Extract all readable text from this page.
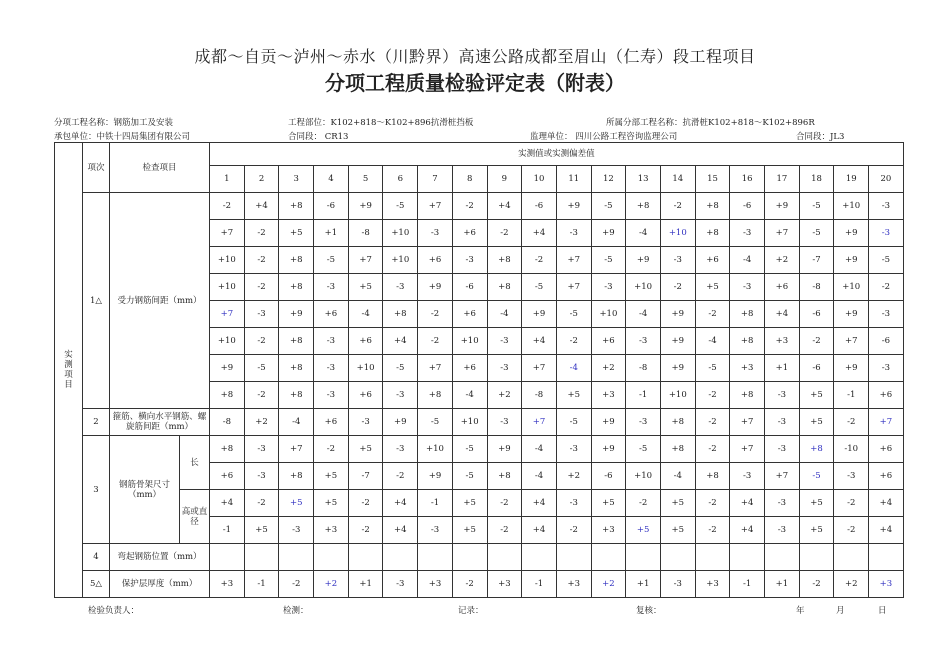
成都～自贡～泸州～赤水（川黔界）高速公路成都至眉山（仁寿）段工程项目
分项工程质量检验评定表（附表）
分项工程名称：钢筋加工及安装	工程部位：K102+818～K102+896抗滑桩挡板	所属分部工程名称：抗滑桩K102+818～K102+896R
承包单位：中铁十四局集团有限公司	合同段： CR13	监理单位： 四川公路工程咨询监理公司	合同段：JL3
实测项目	项次	检查项目		实测值或实测偏差值																			
				1	2	3	4	5	6	7	8	9	10	11	12	13	14	15	16	17	18	19	20
	1△	受力钢筋间距（mm）		-2	+4	+8	-6	+9	-5	+7	-2	+4	-6	+9	-5	+8	-2	+8	-6	+9	-5	+10	-3
				+7	-2	+5	+1	-8	+10	-3	+6	-2	+4	-3	+9	-4	+10	+8	-3	+7	-5	+9	-3
				+10	-2	+8	-5	+7	+10	+6	-3	+8	-2	+7	-5	+9	-3	+6	-4	+2	-7	+9	-5
				+10	-2	+8	-3	+5	-3	+9	-6	+8	-5	+7	-3	+10	-2	+5	-3	+6	-8	+10	-2
				+7	-3	+9	+6	-4	+8	-2	+6	-4	+9	-5	+10	-4	+9	-2	+8	+4	-6	+9	-3
				+10	-2	+8	-3	+6	+4	-2	+10	-3	+4	-2	+6	-3	+9	-4	+8	+3	-2	+7	-6
				+9	-5	+8	-3	+10	-5	+7	+6	-3	+7	-4	+2	-8	+9	-5	+3	+1	-6	+9	-3
				+8	-2	+8	-3	+6	-3	+8	-4	+2	-8	+5	+3	-1	+10	-2	+8	-3	+5	-1	+6
	2	箍筋、横向水平钢筋、螺旋筋间距（mm）		-8	+2	-4	+6	-3	+9	-5	+10	-3	+7	-5	+9	-3	+8	-2	+7	-3	+5	-2	+7
	3	钢筋骨架尺寸（mm）	长	+8	-3	+7	-2	+5	-3	+10	-5	+9	-4	-3	+9	-5	+8	-2	+7	-3	+8	-10	+6
				+6	-3	+8	+5	-7	-2	+9	-5	+8	-4	+2	-6	+10	-4	+8	-3	+7	-5	-3	+6
			高或直径	+4	-2	+5	+5	-2	+4	-1	+5	-2	+4	-3	+5	-2	+5	-2	+4	-3	+5	-2	+4
				-1	+5	-3	+3	-2	+4	-3	+5	-2	+4	-2	+3	+5	+5	-2	+4	-3	+5	-2	+4
	4	弯起钢筋位置（mm）																					
	5△	保护层厚度（mm）		+3	-1	-2	+2	+1	-3	+3	-2	+3	-1	+3	+2	+1	-3	+3	-1	+1	-2	+2	+3
检验负责人：	检测：	记录：	复核：	年	月	日
